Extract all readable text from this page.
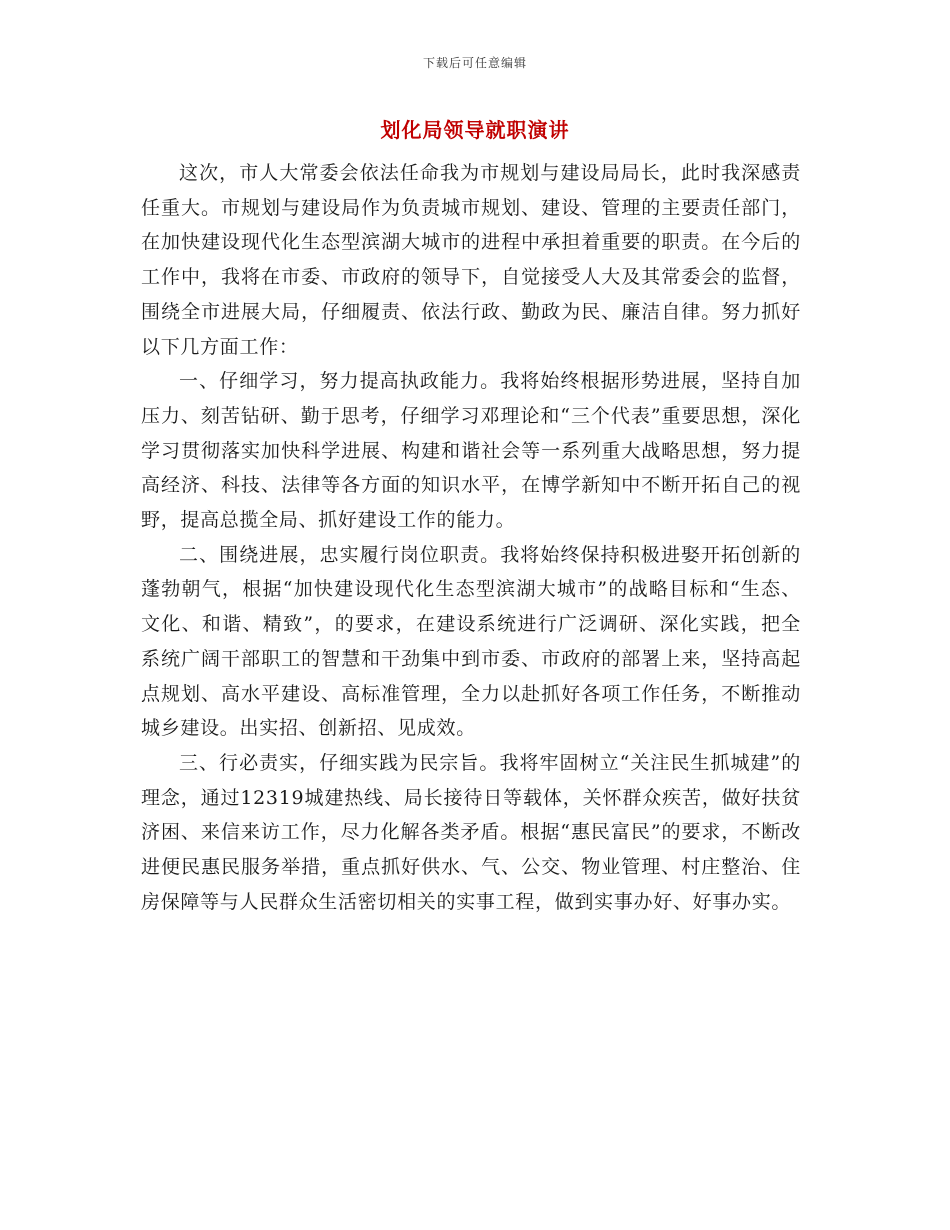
下载后可任意编辑
划化局领导就职演讲

这次，市人大常委会依法任命我为市规划与建设局局长，此时我深感责任重大。市规划与建设局作为负责城市规划、建设、管理的主要责任部门，在加快建设现代化生态型滨湖大城市的进程中承担着重要的职责。在今后的工作中，我将在市委、市政府的领导下，自觉接受人大及其常委会的监督，围绕全市进展大局，仔细履责、依法行政、勤政为民、廉洁自律。努力抓好以下几方面工作：

一、仔细学习，努力提高执政能力。我将始终根据形势进展，坚持自加压力、刻苦钻研、勤于思考，仔细学习邓理论和“三个代表”重要思想，深化学习贯彻落实加快科学进展、构建和谐社会等一系列重大战略思想，努力提高经济、科技、法律等各方面的知识水平，在博学新知中不断开拓自己的视野，提高总揽全局、抓好建设工作的能力。

二、围绕进展，忠实履行岗位职责。我将始终保持积极进娶开拓创新的蓬勃朝气，根据“加快建设现代化生态型滨湖大城市”的战略目标和“生态、文化、和谐、精致”，的要求，在建设系统进行广泛调研、深化实践，把全系统广阔干部职工的智慧和干劲集中到市委、市政府的部署上来，坚持高起点规划、高水平建设、高标准管理，全力以赴抓好各项工作任务，不断推动城乡建设。出实招、创新招、见成效。

三、行必责实，仔细实践为民宗旨。我将牢固树立“关注民生抓城建”的理念，通过12319城建热线、局长接待日等载体，关怀群众疾苦，做好扶贫济困、来信来访工作，尽力化解各类矛盾。根据“惠民富民”的要求，不断改进便民惠民服务举措，重点抓好供水、气、公交、物业管理、村庄整治、住房保障等与人民群众生活密切相关的实事工程，做到实事办好、好事办实。
